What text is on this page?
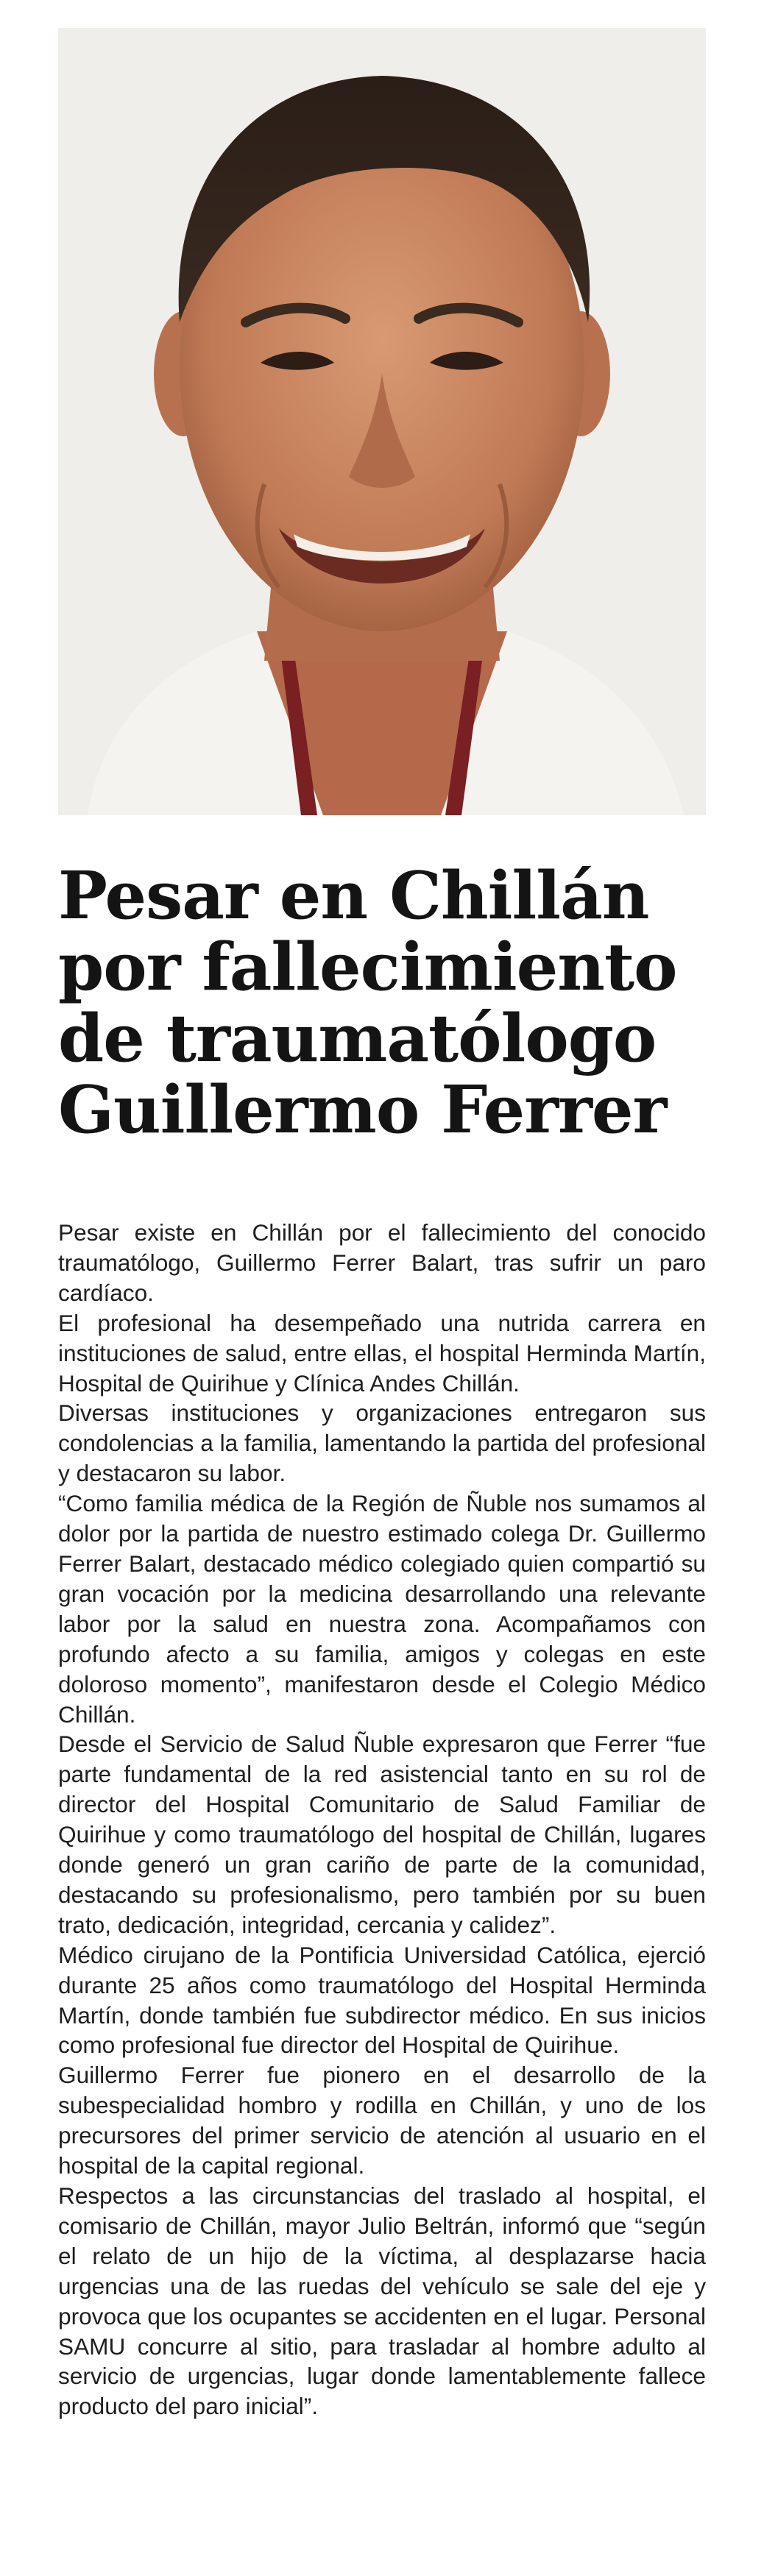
Pesar en Chillán
por fallecimiento
de traumatólogo
Guillermo Ferrer

Pesar existe en Chillán por el fallecimiento del conocido traumatólogo, Guillermo Ferrer Balart, tras sufrir un paro cardíaco.

El profesional ha desempeñado una nutrida carrera en instituciones de salud, entre ellas, el hospital Herminda Martín, Hospital de Quirihue y Clínica Andes Chillán.

Diversas instituciones y organizaciones entregaron sus condolencias a la familia, lamentando la partida del profesional y destacaron su labor.

“Como familia médica de la Región de Ñuble nos sumamos al dolor por la partida de nuestro estimado colega Dr. Guillermo Ferrer Balart, destacado médico colegiado quien compartió su gran vocación por la medicina desarrollando una relevante labor por la salud en nuestra zona. Acompañamos con profundo afecto a su familia, amigos y colegas en este doloroso momento”, manifestaron desde el Colegio Médico Chillán.

Desde el Servicio de Salud Ñuble expresaron que Ferrer “fue parte fundamental de la red asistencial tanto en su rol de director del Hospital Comunitario de Salud Familiar de Quirihue y como traumatólogo del hospital de Chillán, lugares donde generó un gran cariño de parte de la comunidad, destacando su profesionalismo, pero también por su buen trato, dedicación, integridad, cercania y calidez”.

Médico cirujano de la Pontificia Universidad Católica, ejerció durante 25 años como traumatólogo del Hospital Herminda Martín, donde también fue subdirector médico. En sus inicios como profesional fue director del Hospital de Quirihue.

Guillermo Ferrer fue pionero en el desarrollo de la subespecialidad hombro y rodilla en Chillán, y uno de los precursores del primer servicio de atención al usuario en el hospital de la capital regional.

Respectos a las circunstancias del traslado al hospital, el comisario de Chillán, mayor Julio Beltrán, informó que “según el relato de un hijo de la víctima, al desplazarse hacia urgencias una de las ruedas del vehículo se sale del eje y provoca que los ocupantes se accidenten en el lugar. Personal SAMU concurre al sitio, para trasladar al hombre adulto al servicio de urgencias, lugar donde lamentablemente fallece producto del paro inicial”.
